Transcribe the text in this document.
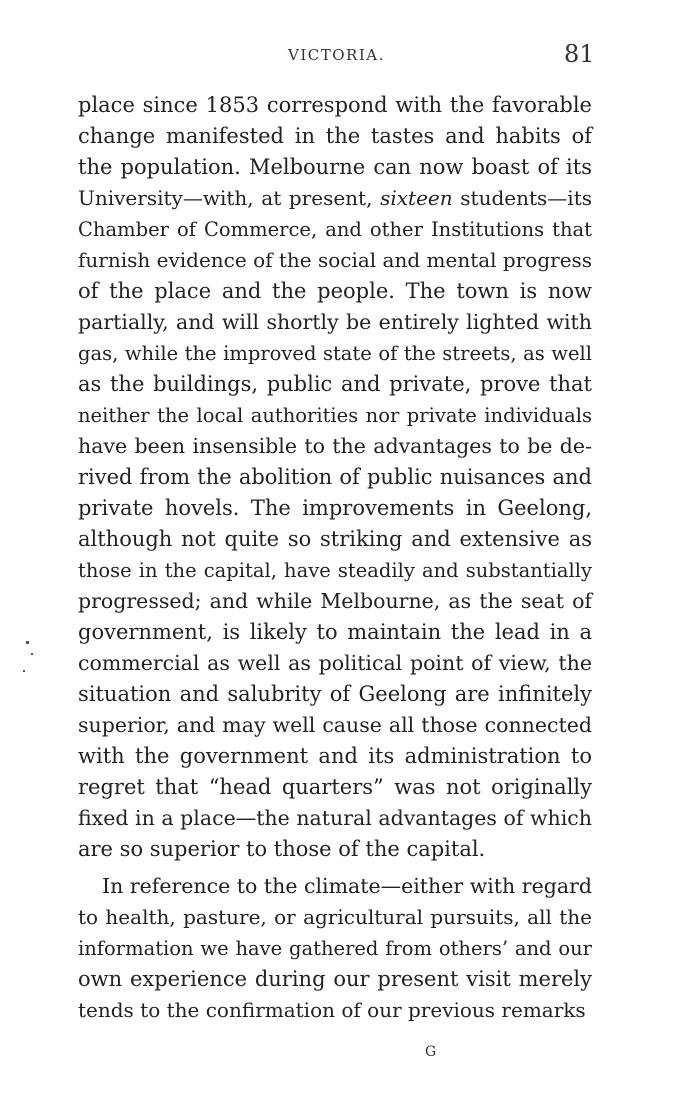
VICTORIA.	81
place since 1853 correspond with the favorable
change manifested in the tastes and habits of
the population. Melbourne can now boast of its
University—with, at present, sixteen students—its
Chamber of Commerce, and other Institutions that
furnish evidence of the social and mental progress
of the place and the people. The town is now
partially, and will shortly be entirely lighted with
gas, while the improved state of the streets, as well
as the buildings, public and private, prove that
neither the local authorities nor private individuals
have been insensible to the advantages to be de-
rived from the abolition of public nuisances and
private hovels. The improvements in Geelong,
although not quite so striking and extensive as
those in the capital, have steadily and substantially
progressed; and while Melbourne, as the seat of
government, is likely to maintain the lead in a
commercial as well as political point of view, the
situation and salubrity of Geelong are infinitely
superior, and may well cause all those connected
with the government and its administration to
regret that “head quarters” was not originally
fixed in a place—the natural advantages of which
are so superior to those of the capital.
In reference to the climate—either with regard
to health, pasture, or agricultural pursuits, all the
information we have gathered from others’ and our
own experience during our present visit merely
tends to the confirmation of our previous remarks
G
